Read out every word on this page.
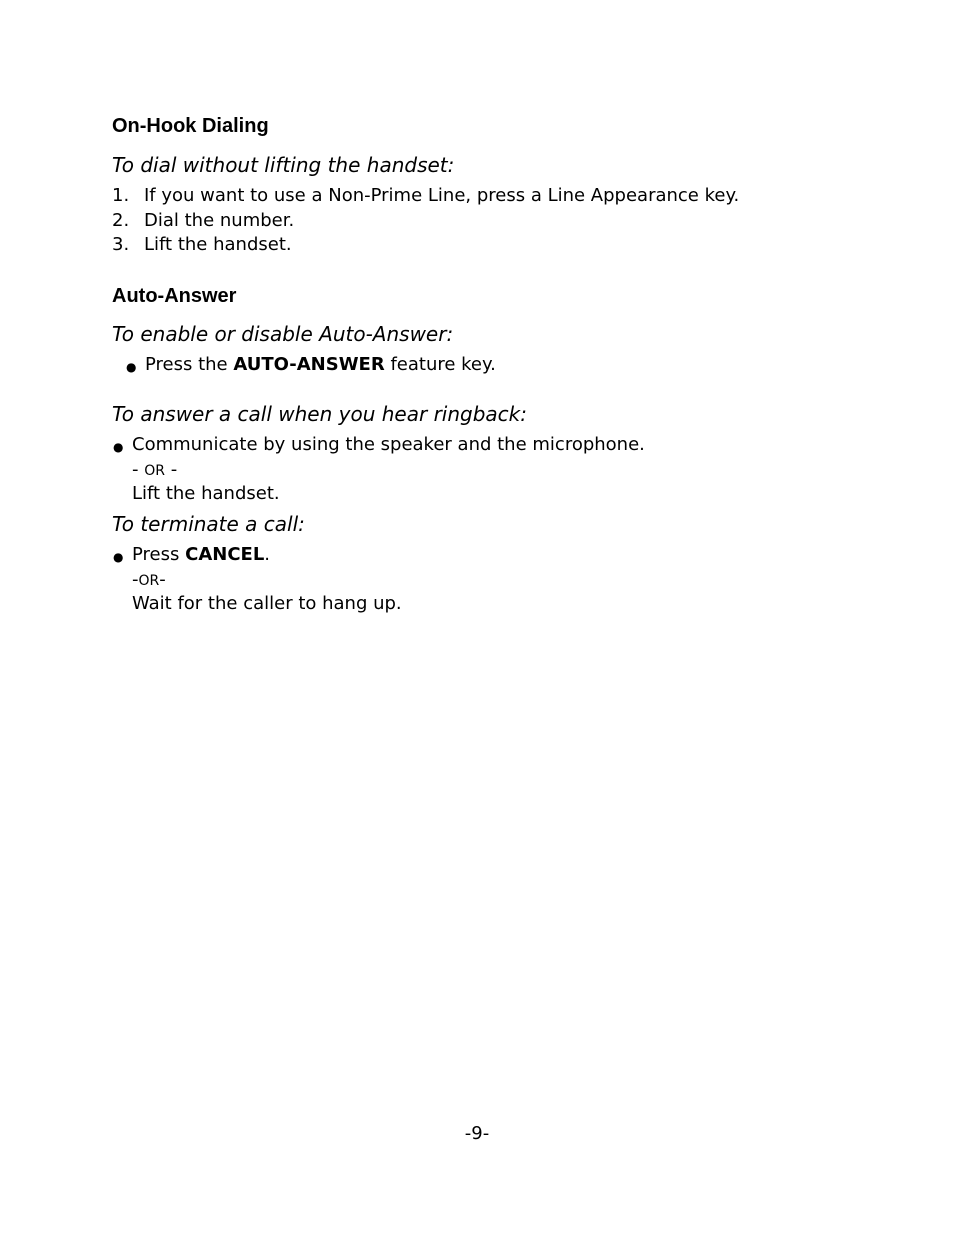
On-Hook Dialing

To dial without lifting the handset:

1. If you want to use a Non-Prime Line, press a Line Appearance key.
2. Dial the number.
3. Lift the handset.
Auto-Answer

To enable or disable Auto-Answer:

● Press the AUTO-ANSWER feature key.

To answer a call when you hear ringback:

● Communicate by using the speaker and the microphone.
- OR -
Lift the handset.

To terminate a call:

● Press CANCEL.
-OR-
Wait for the caller to hang up.
-9-
